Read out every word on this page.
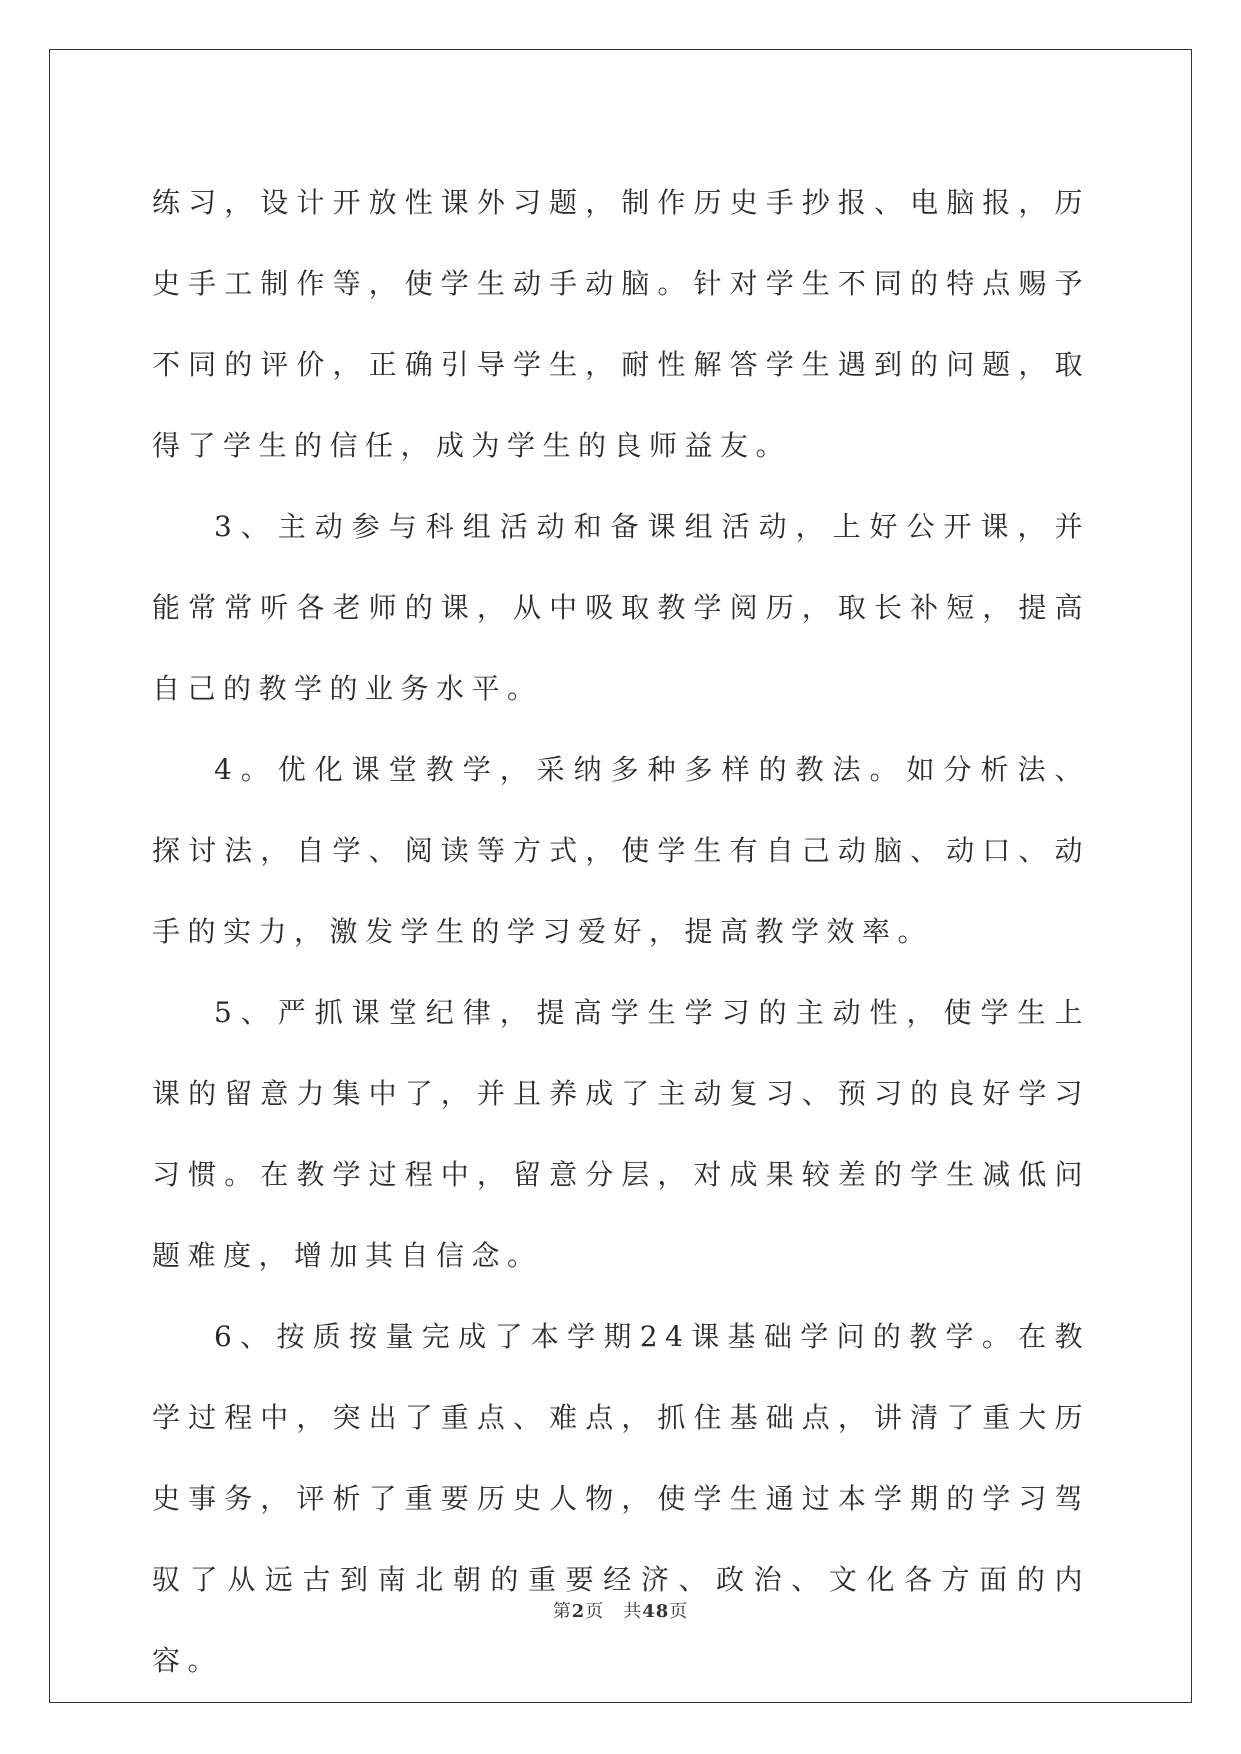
练习，设计开放性课外习题，制作历史手抄报、电脑报，历史手工制作等，使学生动手动脑。针对学生不同的特点赐予不同的评价，正确引导学生，耐性解答学生遇到的问题，取得了学生的信任，成为学生的良师益友。

3、主动参与科组活动和备课组活动，上好公开课，并能常常听各老师的课，从中吸取教学阅历，取长补短，提高自己的教学的业务水平。

4。优化课堂教学，采纳多种多样的教法。如分析法、探讨法，自学、阅读等方式，使学生有自己动脑、动口、动手的实力，激发学生的学习爱好，提高教学效率。

5、严抓课堂纪律，提高学生学习的主动性，使学生上课的留意力集中了，并且养成了主动复习、预习的良好学习习惯。在教学过程中，留意分层，对成果较差的学生减低问题难度，增加其自信念。

6、按质按量完成了本学期24课基础学问的教学。在教学过程中，突出了重点、难点，抓住基础点，讲清了重大历史事务，评析了重要历史人物，使学生通过本学期的学习驾驭了从远古到南北朝的重要经济、政治、文化各方面的内容。

第2页　共48页
